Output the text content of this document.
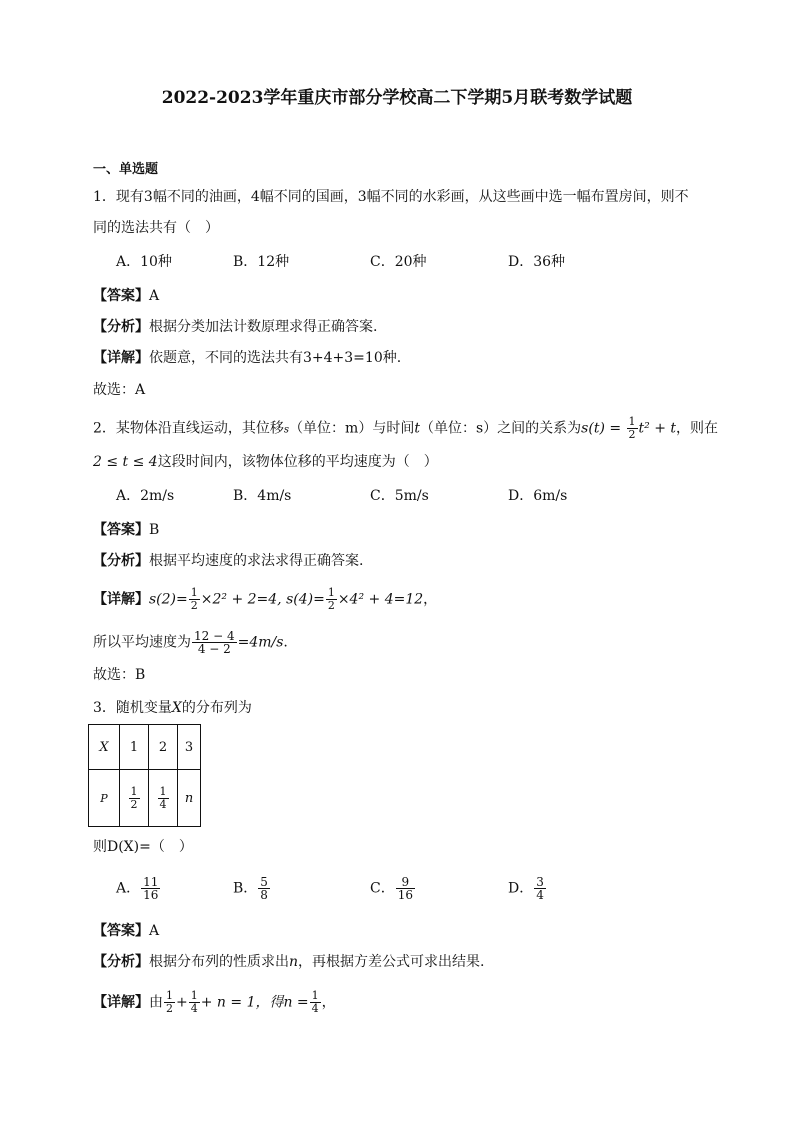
2022-2023学年重庆市部分学校高二下学期5月联考数学试题
一、单选题
1．现有3幅不同的油画，4幅不同的国画，3幅不同的水彩画，从这些画中选一幅布置房间，则不
同的选法共有（　）
A．10种	B．12种	C．20种	D．36种
【答案】A
【分析】根据分类加法计数原理求得正确答案.
【详解】依题意，不同的选法共有3+4+3=10种.
故选：A
2．某物体沿直线运动，其位移s（单位：m）与时间t（单位：s）之间的关系为$s(t) = \frac{1}{2} t^2 + t$，则在
2 ≤ t ≤ 4这段时间内，该物体位移的平均速度为（　）
A．2m/s	B．4m/s	C．5m/s	D．6m/s
【答案】B
【分析】根据平均速度的求法求得正确答案.
【详解】$s(2)= \frac{1}{2} \times 2^2 + 2=4$, $s(4)= \frac{1}{2} \times 4^2 + 4=12$，
所以平均速度为 $\frac{12 - 4}{4 - 2} =4m/s$.
故选：B
3．随机变量X的分布列为
X	1	2	3
P	$\frac{1}{2}$	$\frac{1}{4}$	n
则D(X)=（　）
A． $\frac{11}{16}$	B． $\frac{5}{8}$	C． $\frac{9}{16}$	D． $\frac{3}{4}$
【答案】A
【分析】根据分布列的性质求出n，再根据方差公式可求出结果.
【详解】由 $\frac{1}{2} + \frac{1}{4} + n = 1$，得$n = \frac{1}{4}$ ，
